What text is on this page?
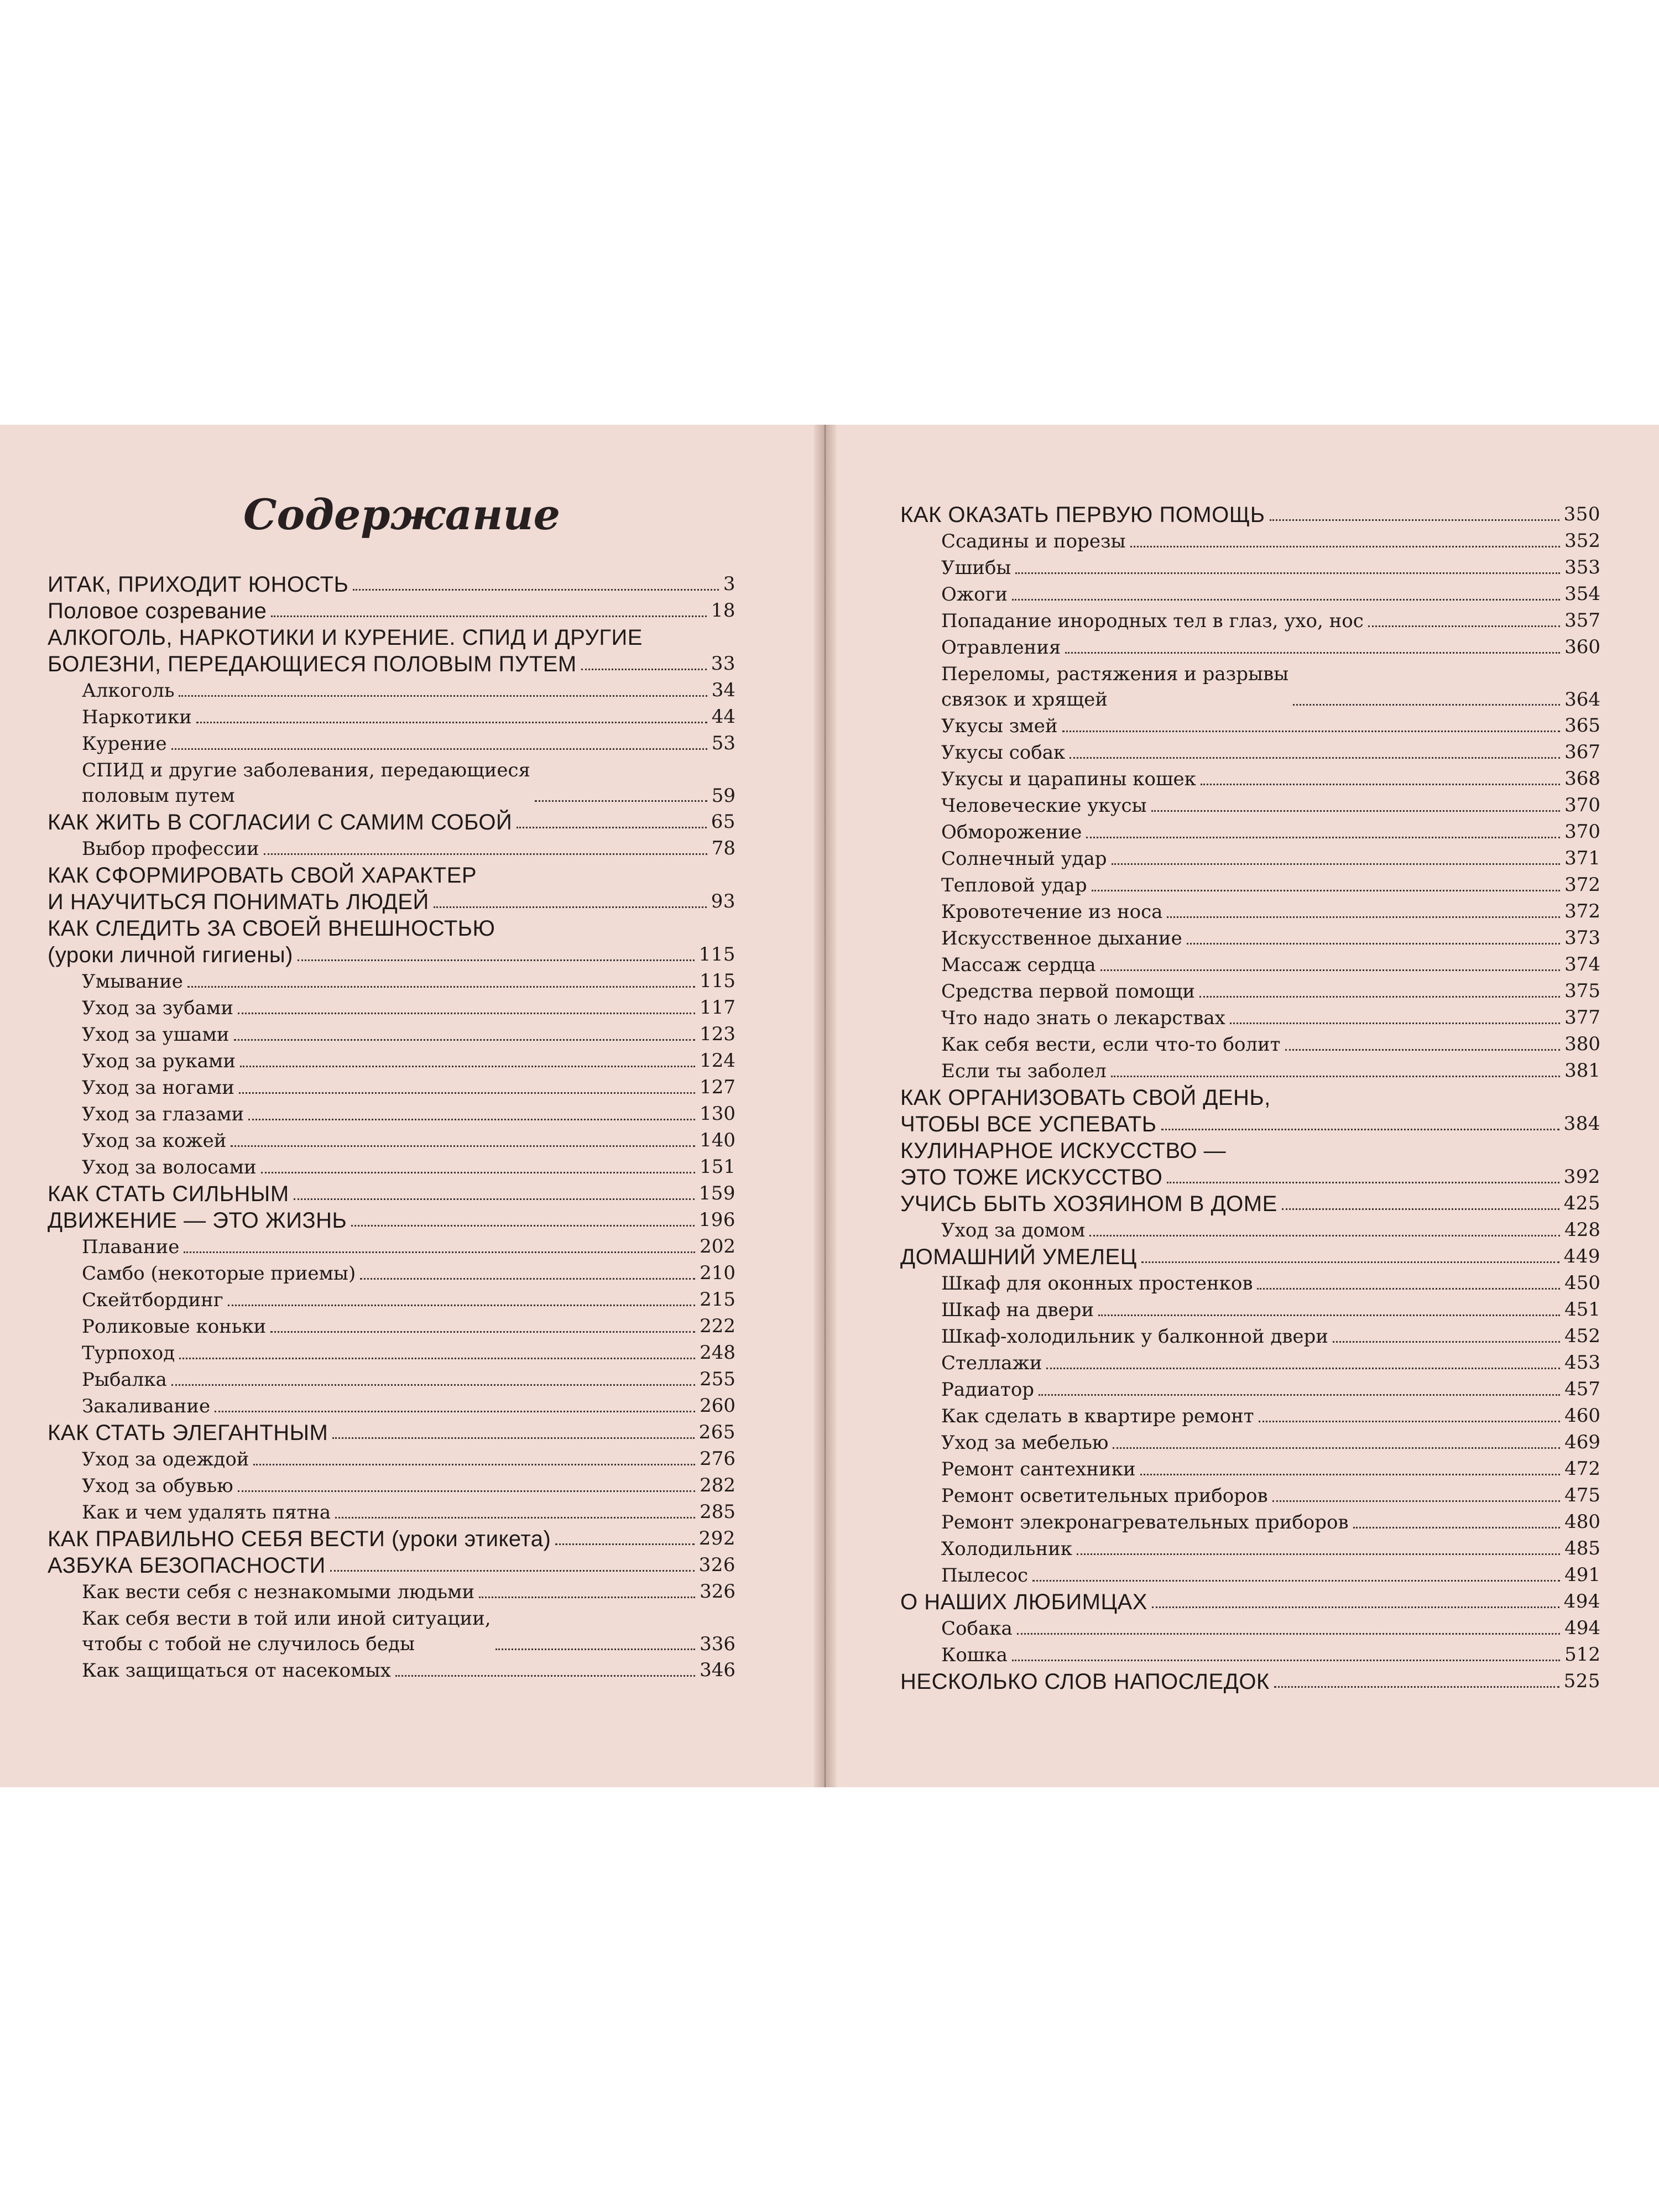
Содержание
ИТАК, ПРИХОДИТ ЮНОСТЬ	3
Половое созревание	18
АЛКОГОЛЬ, НАРКОТИКИ И КУРЕНИЕ. СПИД И ДРУГИЕ
БОЛЕЗНИ, ПЕРЕДАЮЩИЕСЯ ПОЛОВЫМ ПУТЕМ	33
Алкоголь	34
Наркотики	44
Курение	53
СПИД и другие заболевания, передающиеся
половым путем	59
КАК ЖИТЬ В СОГЛАСИИ С САМИМ СОБОЙ	65
Выбор профессии	78
КАК СФОРМИРОВАТЬ СВОЙ ХАРАКТЕР
И НАУЧИТЬСЯ ПОНИМАТЬ ЛЮДЕЙ	93
КАК СЛЕДИТЬ ЗА СВОЕЙ ВНЕШНОСТЬЮ
(уроки личной гигиены)	115
Умывание	115
Уход за зубами	117
Уход за ушами	123
Уход за руками	124
Уход за ногами	127
Уход за глазами	130
Уход за кожей	140
Уход за волосами	151
КАК СТАТЬ СИЛЬНЫМ	159
ДВИЖЕНИЕ — ЭТО ЖИЗНЬ	196
Плавание	202
Самбо (некоторые приемы)	210
Скейтбординг	215
Роликовые коньки	222
Турпоход	248
Рыбалка	255
Закаливание	260
КАК СТАТЬ ЭЛЕГАНТНЫМ	265
Уход за одеждой	276
Уход за обувью	282
Как и чем удалять пятна	285
КАК ПРАВИЛЬНО СЕБЯ ВЕСТИ (уроки этикета)	292
АЗБУКА БЕЗОПАСНОСТИ	326
Как вести себя с незнакомыми людьми	326
Как себя вести в той или иной ситуации,
чтобы с тобой не случилось беды	336
Как защищаться от насекомых	346
КАК ОКАЗАТЬ ПЕРВУЮ ПОМОЩЬ	350
Ссадины и порезы	352
Ушибы	353
Ожоги	354
Попадание инородных тел в глаз, ухо, нос	357
Отравления	360
Переломы, растяжения и разрывы
связок и хрящей	364
Укусы змей	365
Укусы собак	367
Укусы и царапины кошек	368
Человеческие укусы	370
Обморожение	370
Солнечный удар	371
Тепловой удар	372
Кровотечение из носа	372
Искусственное дыхание	373
Массаж сердца	374
Средства первой помощи	375
Что надо знать о лекарствах	377
Как себя вести, если что-то болит	380
Если ты заболел	381
КАК ОРГАНИЗОВАТЬ СВОЙ ДЕНЬ,
ЧТОБЫ ВСЕ УСПЕВАТЬ	384
КУЛИНАРНОЕ ИСКУССТВО —
ЭТО ТОЖЕ ИСКУССТВО	392
УЧИСЬ БЫТЬ ХОЗЯИНОМ В ДОМЕ	425
Уход за домом	428
ДОМАШНИЙ УМЕЛЕЦ	449
Шкаф для оконных простенков	450
Шкаф на двери	451
Шкаф-холодильник у балконной двери	452
Стеллажи	453
Радиатор	457
Как сделать в квартире ремонт	460
Уход за мебелью	469
Ремонт сантехники	472
Ремонт осветительных приборов	475
Ремонт элекронагревательных приборов	480
Холодильник	485
Пылесос	491
О НАШИХ ЛЮБИМЦАХ	494
Собака	494
Кошка	512
НЕСКОЛЬКО СЛОВ НАПОСЛЕДОК	525
